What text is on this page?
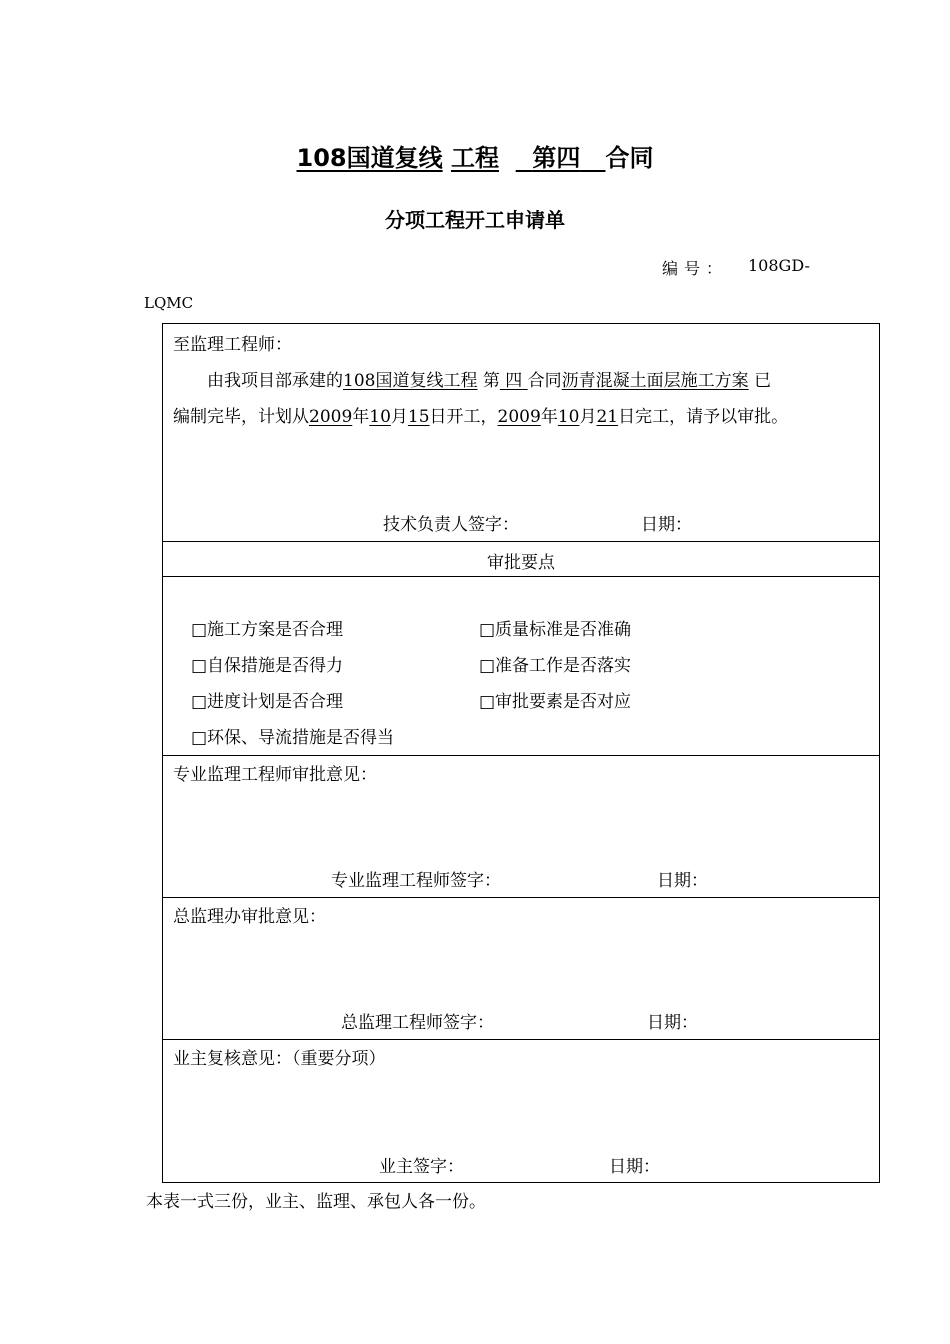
108国道复线 工程 第四 合同
分项工程开工申请单
编号： 108GD-
LQMC
至监理工程师：
由我项目部承建的108国道复线工程 第 四 合同沥青混凝土面层施工方案 已
编制完毕，计划从2009年10月15日开工，2009年10月21日完工，请予以审批。
技术负责人签字：	日期：
审批要点
□施工方案是否合理	□质量标准是否准确
□自保措施是否得力	□准备工作是否落实
□进度计划是否合理	□审批要素是否对应
□环保、导流措施是否得当
专业监理工程师审批意见：
专业监理工程师签字：	日期：
总监理办审批意见：
总监理工程师签字：	日期：
业主复核意见：（重要分项）
业主签字：	日期：
本表一式三份，业主、监理、承包人各一份。
